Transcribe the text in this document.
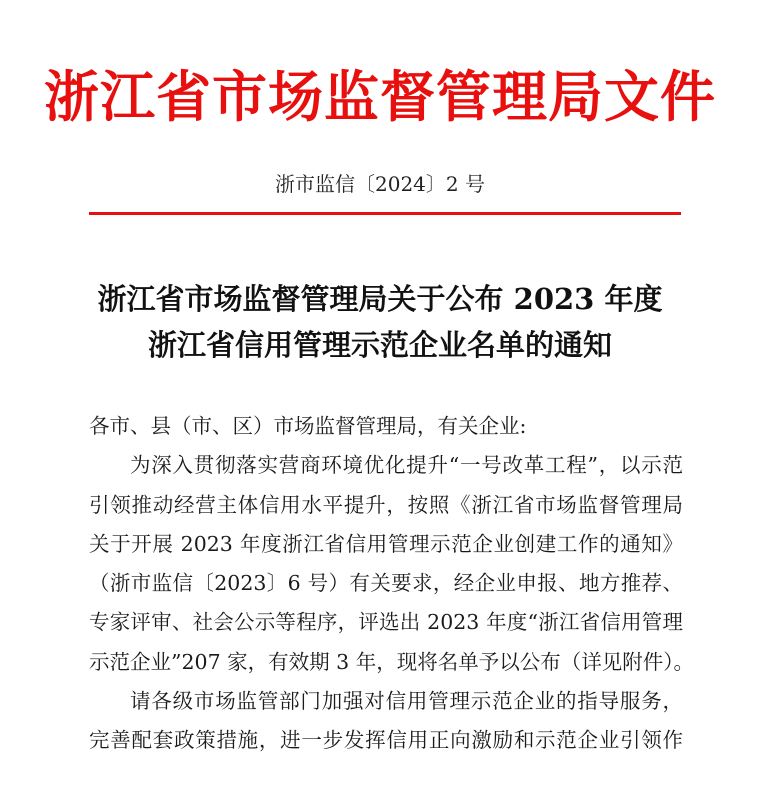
浙江省市场监督管理局文件
浙市监信〔2024〕2 号
浙江省市场监督管理局关于公布 2023 年度
浙江省信用管理示范企业名单的通知

各市、县（市、区）市场监督管理局，有关企业:

为深入贯彻落实营商环境优化提升“一号改革工程”，以示范
引领推动经营主体信用水平提升，按照《浙江省市场监督管理局
关于开展 2023 年度浙江省信用管理示范企业创建工作的通知》
（浙市监信〔2023〕6 号）有关要求，经企业申报、地方推荐、
专家评审、社会公示等程序，评选出 2023 年度“浙江省信用管理
示范企业”207 家，有效期 3 年，现将名单予以公布（详见附件）。
请各级市场监管部门加强对信用管理示范企业的指导服务，
完善配套政策措施，进一步发挥信用正向激励和示范企业引领作
